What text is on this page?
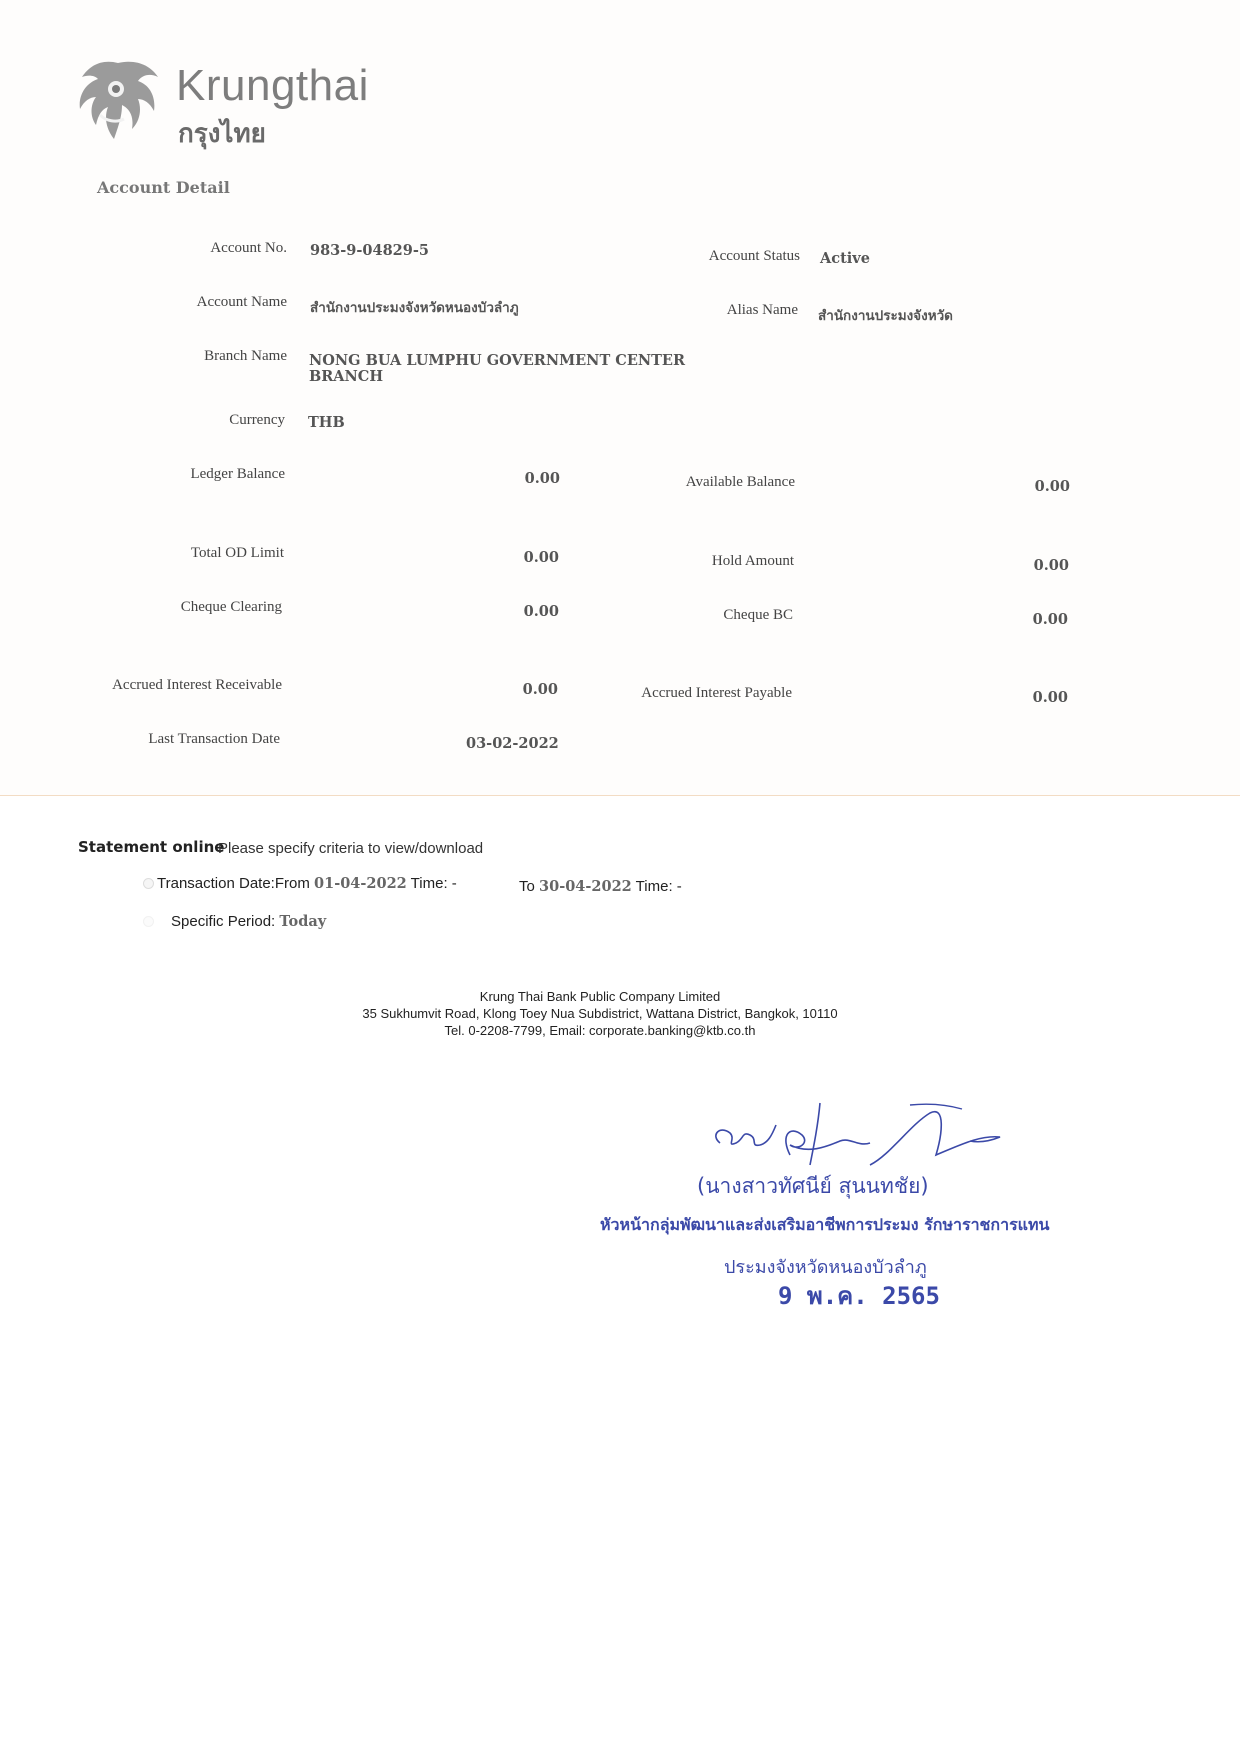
Krungthai
กรุงไทย
Account Detail
Account No. 983-9-04829-5	Account Status Active
Account Name สำนักงานประมงจังหวัดหนองบัวลำภู	Alias Name สำนักงานประมงจังหวัด
Branch Name NONG BUA LUMPHU GOVERNMENT CENTER
BRANCH
Currency THB
Ledger Balance	0.00	Available Balance	0.00
Total OD Limit	0.00	Hold Amount	0.00
Cheque Clearing	0.00	Cheque BC	0.00
Accrued Interest Receivable	0.00	Accrued Interest Payable	0.00
Last Transaction Date	03-02-2022
Statement online
Please specify criteria to view/download
Transaction Date:From 01-04-2022 Time: -	To 30-04-2022 Time: -
Specific Period: Today
Krung Thai Bank Public Company Limited
35 Sukhumvit Road, Klong Toey Nua Subdistrict, Wattana District, Bangkok, 10110
Tel. 0-2208-7799, Email: corporate.banking@ktb.co.th
(นางสาวทัศนีย์ สุนนทชัย)
หัวหน้ากลุ่มพัฒนาและส่งเสริมอาชีพการประมง รักษาราชการแทน
ประมงจังหวัดหนองบัวลำภู
9 พ.ค. 2565
